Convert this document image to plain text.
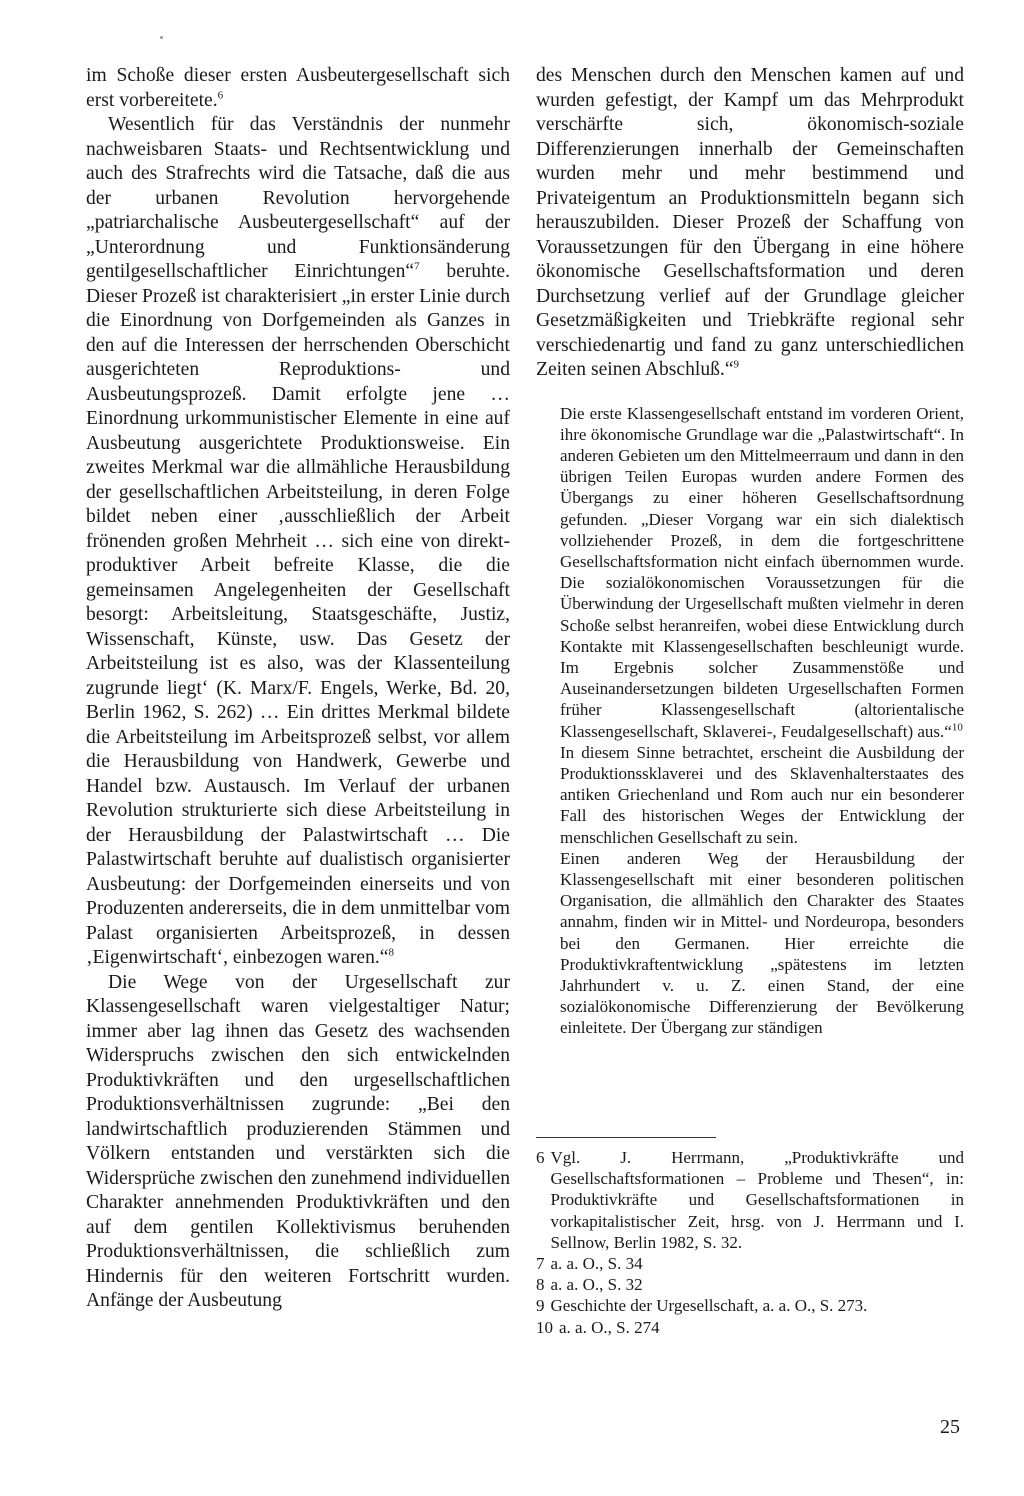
im Schoße dieser ersten Ausbeutergesellschaft sich erst vorbereitete.$^6$

Wesentlich für das Verständnis der nunmehr nachweisbaren Staats- und Rechtsentwicklung und auch des Strafrechts wird die Tatsache, daß die aus der urbanen Revolution hervorgehende „patriarchalische Ausbeutergesellschaft“ auf der „Unterordnung und Funktionsänderung gentilgesellschaftlicher Einrichtungen“$^7$ beruhte. Dieser Prozeß ist charakterisiert „in erster Linie durch die Einordnung von Dorfgemeinden als Ganzes in den auf die Interessen der herrschenden Oberschicht ausgerichteten Reproduktions- und Ausbeutungsprozeß. Damit erfolgte jene … Einordnung urkommunistischer Elemente in eine auf Ausbeutung ausgerichtete Produktionsweise. Ein zweites Merkmal war die allmähliche Herausbildung der gesellschaftlichen Arbeitsteilung, in deren Folge bildet neben einer ‚ausschließlich der Arbeit frönenden großen Mehrheit … sich eine von direkt-produktiver Arbeit befreite Klasse, die die gemeinsamen Angelegenheiten der Gesellschaft besorgt: Arbeitsleitung, Staatsgeschäfte, Justiz, Wissenschaft, Künste, usw. Das Gesetz der Arbeitsteilung ist es also, was der Klassenteilung zugrunde liegt‘ (K. Marx/F. Engels, Werke, Bd. 20, Berlin 1962, S. 262) … Ein drittes Merkmal bildete die Arbeitsteilung im Arbeitsprozeß selbst, vor allem die Herausbildung von Handwerk, Gewerbe und Handel bzw. Austausch. Im Verlauf der urbanen Revolution strukturierte sich diese Arbeitsteilung in der Herausbildung der Palastwirtschaft … Die Palastwirtschaft beruhte auf dualistisch organisierter Ausbeutung: der Dorfgemeinden einerseits und von Produzenten andererseits, die in dem unmittelbar vom Palast organisierten Arbeitsprozeß, in dessen ‚Eigenwirtschaft‘, einbezogen waren.“$^8$

Die Wege von der Urgesellschaft zur Klassengesellschaft waren vielgestaltiger Natur; immer aber lag ihnen das Gesetz des wachsenden Widerspruchs zwischen den sich entwickelnden Produktivkräften und den urgesellschaftlichen Produktionsverhältnissen zugrunde: „Bei den landwirtschaftlich produzierenden Stämmen und Völkern entstanden und verstärkten sich die Widersprüche zwischen den zunehmend individuellen Charakter annehmenden Produktivkräften und den auf dem gentilen Kollektivismus beruhenden Produktionsverhältnissen, die schließlich zum Hindernis für den weiteren Fortschritt wurden. Anfänge der Ausbeutung

des Menschen durch den Menschen kamen auf und wurden gefestigt, der Kampf um das Mehrprodukt verschärfte sich, ökonomisch-soziale Differenzierungen innerhalb der Gemeinschaften wurden mehr und mehr bestimmend und Privateigentum an Produktionsmitteln begann sich herauszubilden. Dieser Prozeß der Schaffung von Voraussetzungen für den Übergang in eine höhere ökonomische Gesellschaftsformation und deren Durchsetzung verlief auf der Grundlage gleicher Gesetzmäßigkeiten und Triebkräfte regional sehr verschiedenartig und fand zu ganz unterschiedlichen Zeiten seinen Abschluß.“$^9$

Die erste Klassengesellschaft entstand im vorderen Orient, ihre ökonomische Grundlage war die „Palastwirtschaft“. In anderen Gebieten um den Mittelmeerraum und dann in den übrigen Teilen Europas wurden andere Formen des Übergangs zu einer höheren Gesellschaftsordnung gefunden. „Dieser Vorgang war ein sich dialektisch vollziehender Prozeß, in dem die fortgeschrittene Gesellschaftsformation nicht einfach übernommen wurde. Die sozialökonomischen Voraussetzungen für die Überwindung der Urgesellschaft mußten vielmehr in deren Schoße selbst heranreifen, wobei diese Entwicklung durch Kontakte mit Klassengesellschaften beschleunigt wurde. Im Ergebnis solcher Zusammenstöße und Auseinandersetzungen bildeten Urgesellschaften Formen früher Klassengesellschaft (altorientalische Klassengesellschaft, Sklaverei-, Feudalgesellschaft) aus.“$^{10}$

In diesem Sinne betrachtet, erscheint die Ausbildung der Produktionssklaverei und des Sklavenhalterstaates des antiken Griechenland und Rom auch nur ein besonderer Fall des historischen Weges der Entwicklung der menschlichen Gesellschaft zu sein.

Einen anderen Weg der Herausbildung der Klassengesellschaft mit einer besonderen politischen Organisation, die allmählich den Charakter des Staates annahm, finden wir in Mittel- und Nordeuropa, besonders bei den Germanen. Hier erreichte die Produktivkraftentwicklung „spätestens im letzten Jahrhundert v. u. Z. einen Stand, der eine sozialökonomische Differenzierung der Bevölkerung einleitete. Der Übergang zur ständigen

6 Vgl. J. Herrmann, „Produktivkräfte und Gesellschaftsformationen – Probleme und Thesen“, in: Produktivkräfte und Gesellschaftsformationen in vorkapitalistischer Zeit, hrsg. von J. Herrmann und I. Sellnow, Berlin 1982, S. 32.
7 a. a. O., S. 34
8 a. a. O., S. 32
9 Geschichte der Urgesellschaft, a. a. O., S. 273.
10 a. a. O., S. 274
25
